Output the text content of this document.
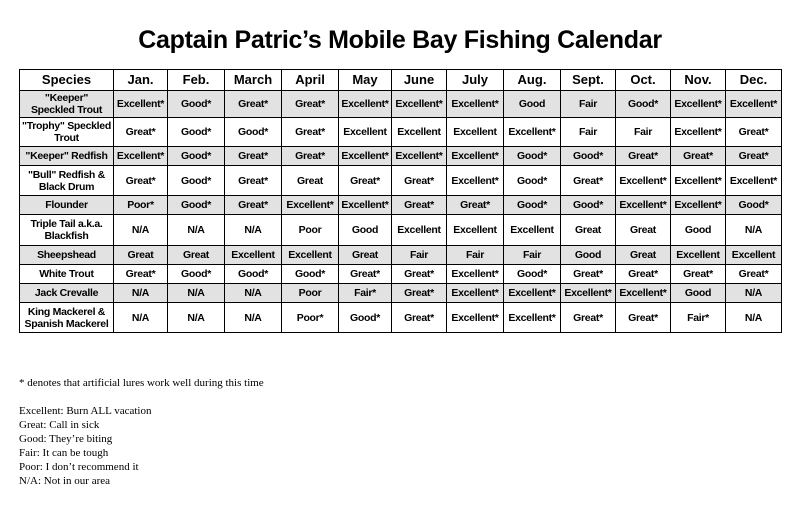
Captain Patric’s Mobile Bay Fishing Calendar
Species	Jan.	Feb.	March	April	May	June	July	Aug.	Sept.	Oct.	Nov.	Dec.
"Keeper" Speckled Trout	Excellent*	Good*	Great*	Great*	Excellent*	Excellent*	Excellent*	Good	Fair	Good*	Excellent*	Excellent*
"Trophy" Speckled Trout	Great*	Good*	Good*	Great*	Excellent	Excellent	Excellent	Excellent*	Fair	Fair	Excellent*	Great*
"Keeper" Redfish	Excellent*	Good*	Great*	Great*	Excellent*	Excellent*	Excellent*	Good*	Good*	Great*	Great*	Great*
"Bull" Redfish & Black Drum	Great*	Good*	Great*	Great	Great*	Great*	Excellent*	Good*	Great*	Excellent*	Excellent*	Excellent*
Flounder	Poor*	Good*	Great*	Excellent*	Excellent*	Great*	Great*	Good*	Good*	Excellent*	Excellent*	Good*
Triple Tail a.k.a. Blackfish	N/A	N/A	N/A	Poor	Good	Excellent	Excellent	Excellent	Great	Great	Good	N/A
Sheepshead	Great	Great	Excellent	Excellent	Great	Fair	Fair	Fair	Good	Great	Excellent	Excellent
White Trout	Great*	Good*	Good*	Good*	Great*	Great*	Excellent*	Good*	Great*	Great*	Great*	Great*
Jack Crevalle	N/A	N/A	N/A	Poor	Fair*	Great*	Excellent*	Excellent*	Excellent*	Excellent*	Good	N/A
King Mackerel & Spanish Mackerel	N/A	N/A	N/A	Poor*	Good*	Great*	Excellent*	Excellent*	Great*	Great*	Fair*	N/A
* denotes that artificial lures work well during this time
Excellent: Burn ALL vacation
Great: Call in sick
Good: They’re biting
Fair: It can be tough
Poor: I don’t recommend it
N/A: Not in our area
